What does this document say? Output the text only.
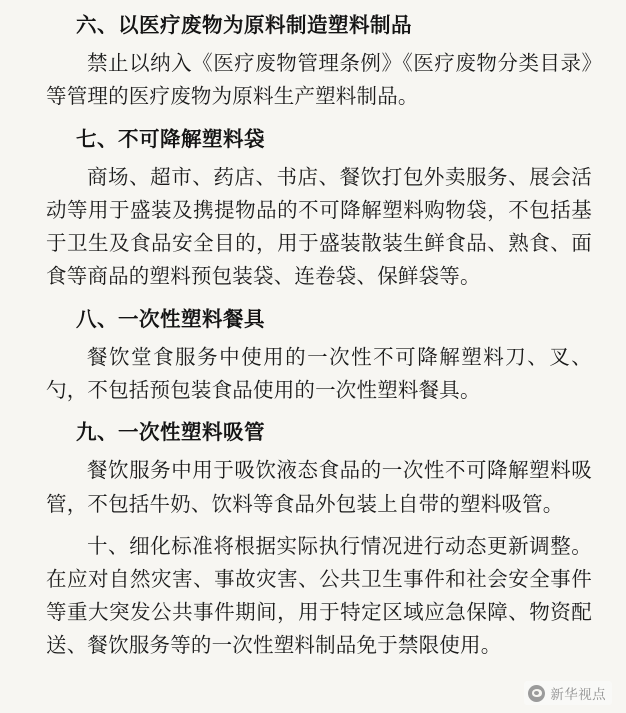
六、以医疗废物为原料制造塑料制品

禁止以纳入《医疗废物管理条例》《医疗废物分类目录》等管理的医疗废物为原料生产塑料制品。

七、不可降解塑料袋

商场、超市、药店、书店、餐饮打包外卖服务、展会活动等用于盛装及携提物品的不可降解塑料购物袋，不包括基于卫生及食品安全目的，用于盛装散装生鲜食品、熟食、面食等商品的塑料预包装袋、连卷袋、保鲜袋等。

八、一次性塑料餐具

餐饮堂食服务中使用的一次性不可降解塑料刀、叉、勺，不包括预包装食品使用的一次性塑料餐具。

九、一次性塑料吸管

餐饮服务中用于吸饮液态食品的一次性不可降解塑料吸管，不包括牛奶、饮料等食品外包装上自带的塑料吸管。

十、细化标准将根据实际执行情况进行动态更新调整。在应对自然灾害、事故灾害、公共卫生事件和社会安全事件等重大突发公共事件期间，用于特定区域应急保障、物资配送、餐饮服务等的一次性塑料制品免于禁限使用。

新华视点
